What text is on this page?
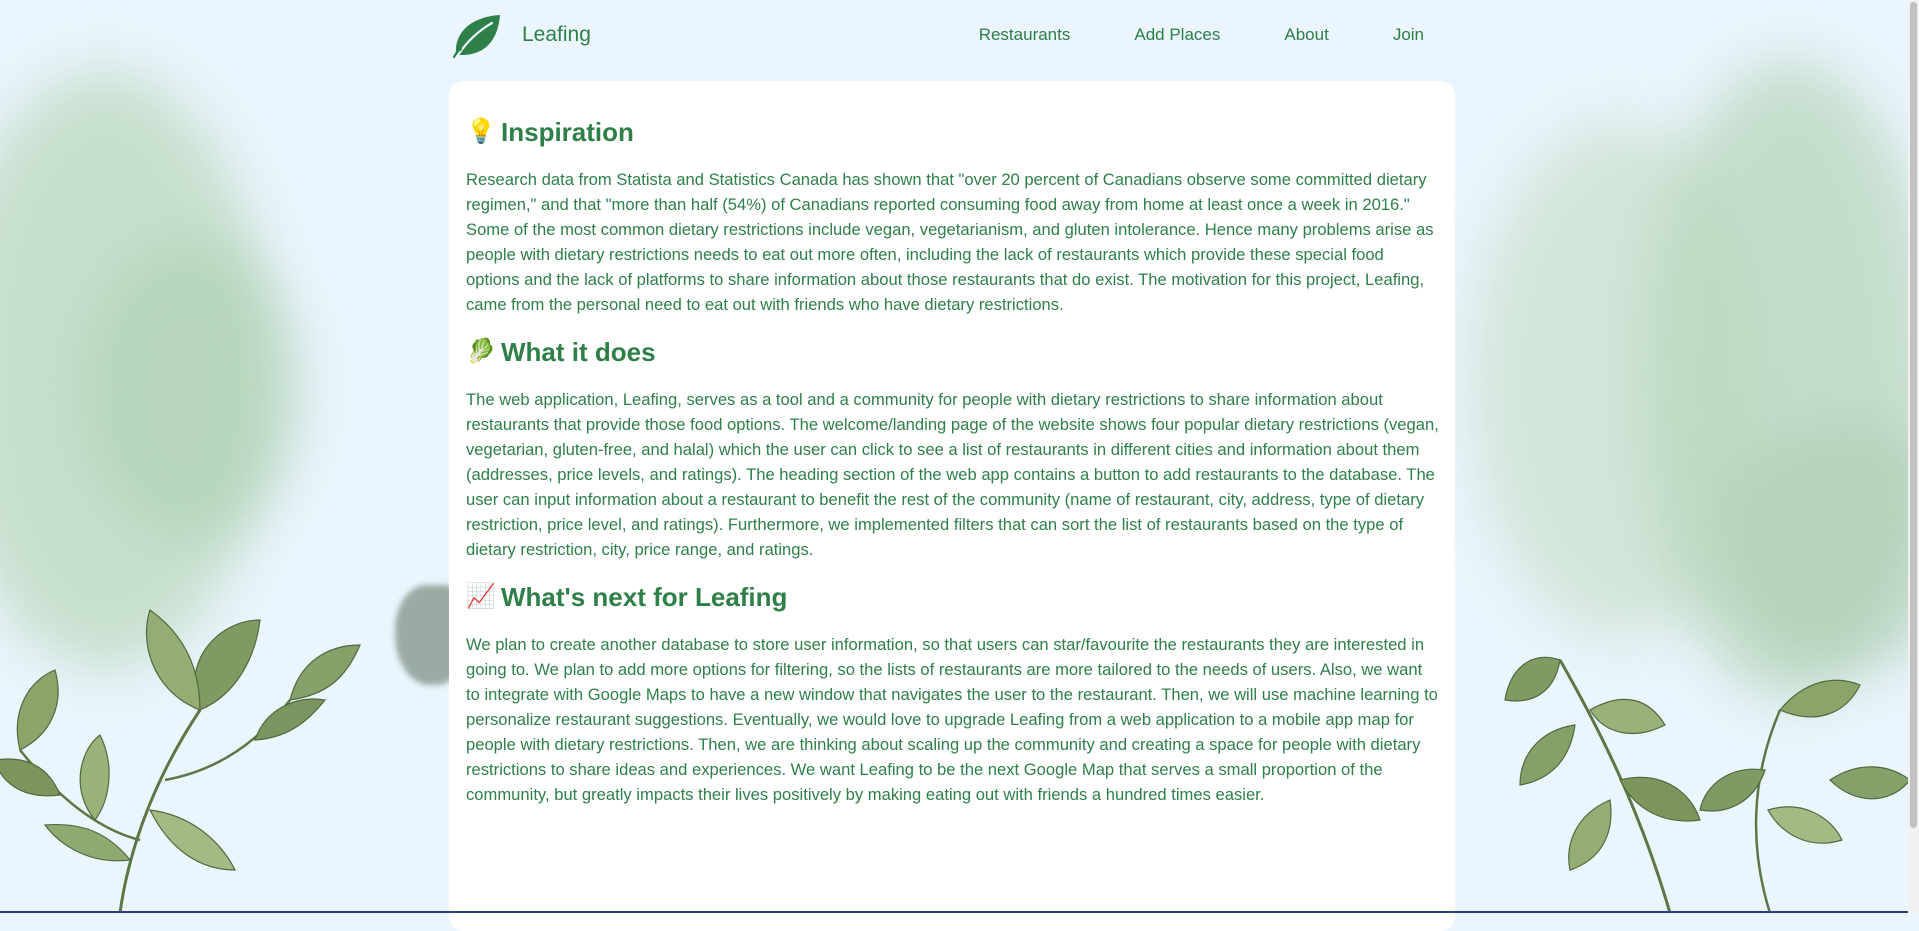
Leafing	Restaurants	Add Places	About	Join
💡 Inspiration

Research data from Statista and Statistics Canada has shown that "over 20 percent of Canadians observe some committed dietary regimen," and that "more than half (54%) of Canadians reported consuming food away from home at least once a week in 2016." Some of the most common dietary restrictions include vegan, vegetarianism, and gluten intolerance. Hence many problems arise as people with dietary restrictions needs to eat out more often, including the lack of restaurants which provide these special food options and the lack of platforms to share information about those restaurants that do exist. The motivation for this project, Leafing, came from the personal need to eat out with friends who have dietary restrictions.

🥬 What it does

The web application, Leafing, serves as a tool and a community for people with dietary restrictions to share information about restaurants that provide those food options. The welcome/landing page of the website shows four popular dietary restrictions (vegan, vegetarian, gluten-free, and halal) which the user can click to see a list of restaurants in different cities and information about them (addresses, price levels, and ratings). The heading section of the web app contains a button to add restaurants to the database. The user can input information about a restaurant to benefit the rest of the community (name of restaurant, city, address, type of dietary restriction, price level, and ratings). Furthermore, we implemented filters that can sort the list of restaurants based on the type of dietary restriction, city, price range, and ratings.

📈 What's next for Leafing

We plan to create another database to store user information, so that users can star/favourite the restaurants they are interested in going to. We plan to add more options for filtering, so the lists of restaurants are more tailored to the needs of users. Also, we want to integrate with Google Maps to have a new window that navigates the user to the restaurant. Then, we will use machine learning to personalize restaurant suggestions. Eventually, we would love to upgrade Leafing from a web application to a mobile app map for people with dietary restrictions. Then, we are thinking about scaling up the community and creating a space for people with dietary restrictions to share ideas and experiences. We want Leafing to be the next Google Map that serves a small proportion of the community, but greatly impacts their lives positively by making eating out with friends a hundred times easier.
